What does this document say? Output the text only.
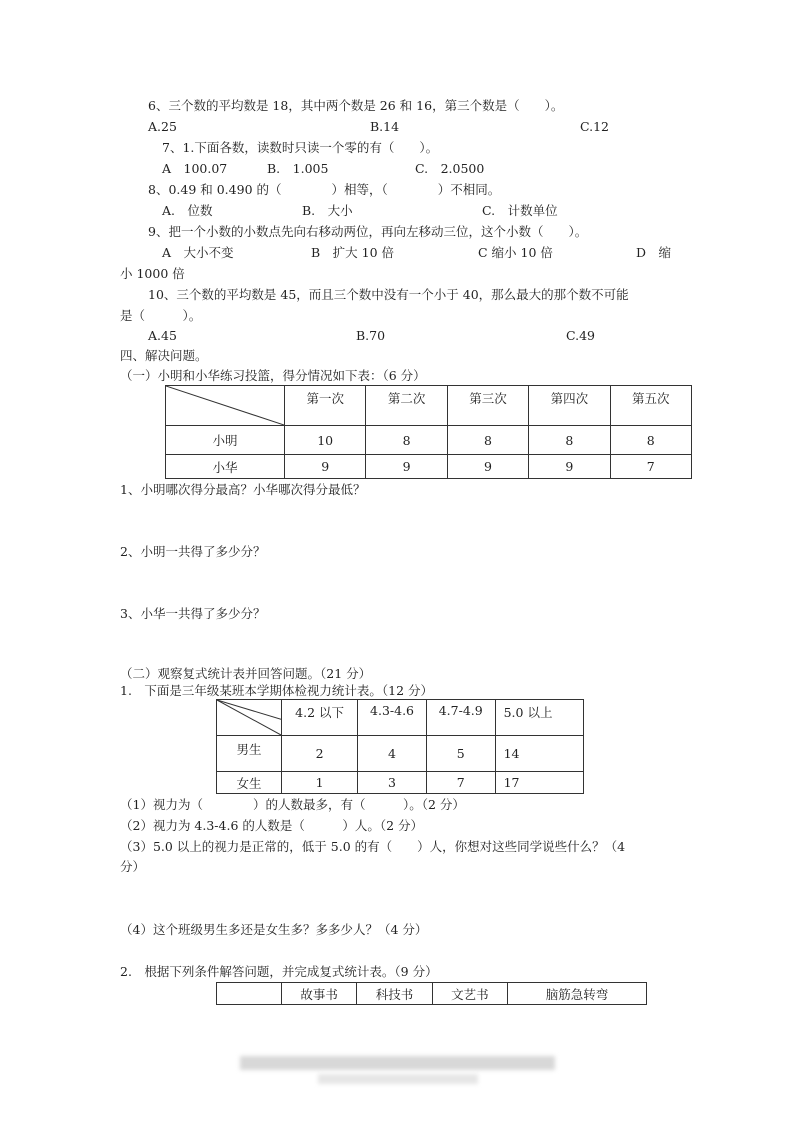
6、三个数的平均数是 18，其中两个数是 26 和 16，第三个数是（　　）。
A.25	B.14	C.12
7、1.下面各数，读数时只读一个零的有（　　）。
A　100.07	B.　1.005	C.　2.0500
8、0.49 和 0.490 的（　　　　）相等，（　　　　）不相同。
A.　位数	B.　大小	C.　计数单位
9、把一个小数的小数点先向右移动两位，再向左移动三位，这个小数（　　）。
A　大小不变	B　扩大 10 倍	C 缩小 10 倍	D　缩
小 1000 倍
10、三个数的平均数是 45，而且三个数中没有一个小于 40，那么最大的那个数不可能
是（　　　）。
A.45	B.70	C.49
四、解决问题。
（一）小明和小华练习投篮，得分情况如下表：（6 分）
	第一次	第二次	第三次	第四次	第五次
小明	10	8	8	8	8
小华	9	9	9	9	7
1、小明哪次得分最高？小华哪次得分最低？
2、小明一共得了多少分？
3、小华一共得了多少分？
（二）观察复式统计表并回答问题。（21 分）
1.　下面是三年级某班本学期体检视力统计表。（12 分）
	4.2 以下	4.3-4.6	4.7-4.9	5.0 以上
男生	2	4	5	14
女生	1	3	7	17
（1）视力为（　　　　）的人数最多，有（　　　）。（2 分）
（2）视力为 4.3-4.6 的人数是（　　　）人。（2 分）
（3）5.0 以上的视力是正常的，低于 5.0 的有（　　）人，你想对这些同学说些什么？（4
分）
（4）这个班级男生多还是女生多？多多少人？（4 分）
2.　根据下列条件解答问题，并完成复式统计表。（9 分）
	故事书	科技书	文艺书	脑筋急转弯
